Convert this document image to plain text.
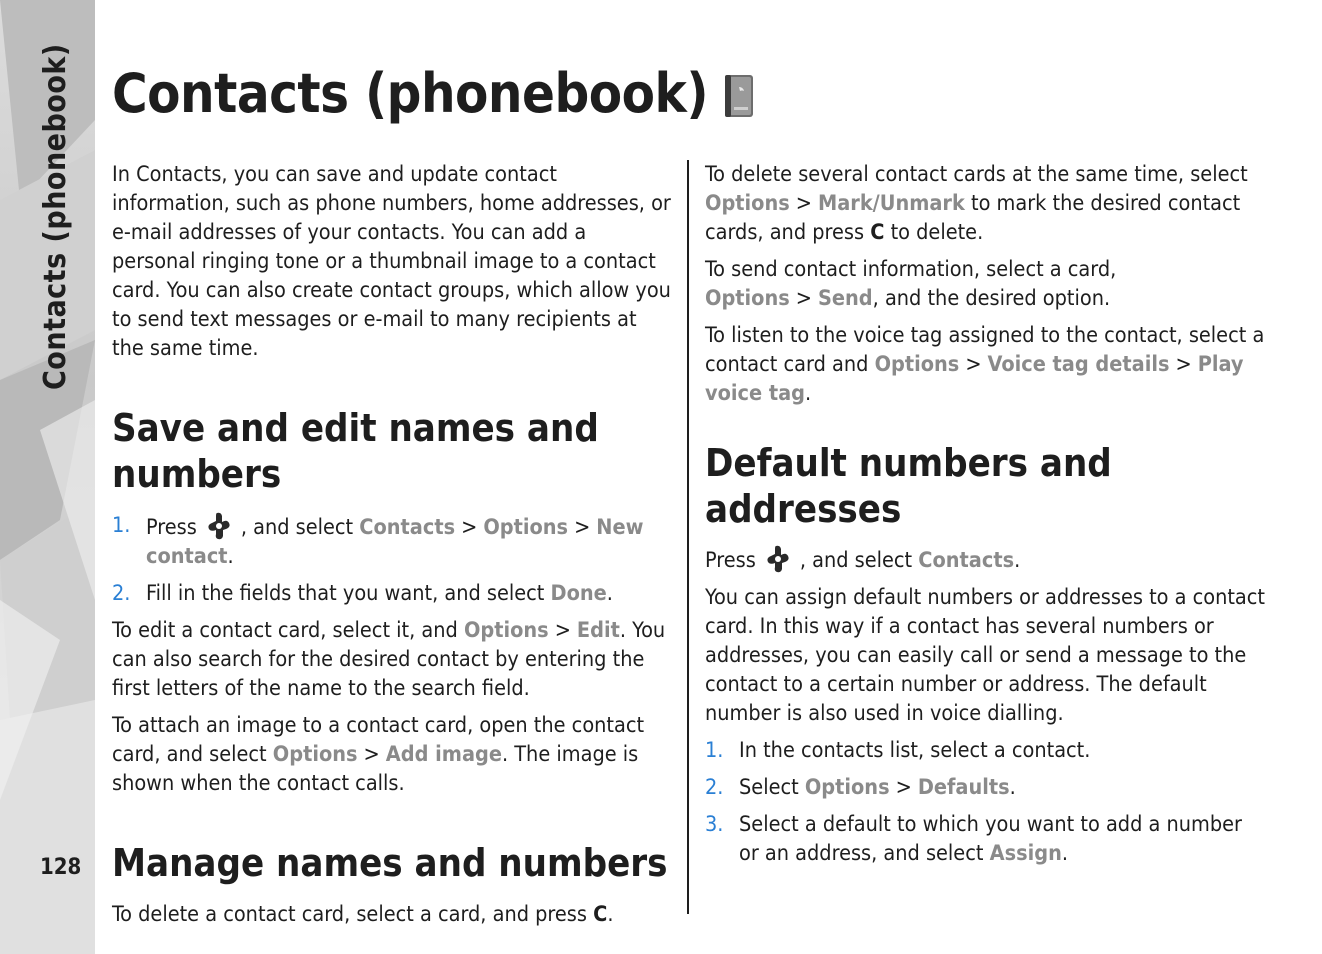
Contacts (phonebook)
128
Contacts (phonebook)

In Contacts, you can save and update contact information, such as phone numbers, home addresses, or e-mail addresses of your contacts. You can add a personal ringing tone or a thumbnail image to a contact card. You can also create contact groups, which allow you to send text messages or e-mail to many recipients at the same time.

Save and edit names and numbers
1. Press , and select Contacts > Options > New contact.
2. Fill in the fields that you want, and select Done.

To edit a contact card, select it, and Options > Edit. You can also search for the desired contact by entering the first letters of the name to the search field.

To attach an image to a contact card, open the contact card, and select Options > Add image. The image is shown when the contact calls.

Manage names and numbers

To delete a contact card, select a card, and press C.

To delete several contact cards at the same time, select Options > Mark/Unmark to mark the desired contact cards, and press C to delete.

To send contact information, select a card, Options > Send, and the desired option.

To listen to the voice tag assigned to the contact, select a contact card and Options > Voice tag details > Play voice tag.

Default numbers and addresses

Press , and select Contacts.

You can assign default numbers or addresses to a contact card. In this way if a contact has several numbers or addresses, you can easily call or send a message to the contact to a certain number or address. The default number is also used in voice dialling.

1. In the contacts list, select a contact.
2. Select Options > Defaults.
3. Select a default to which you want to add a number or an address, and select Assign.
